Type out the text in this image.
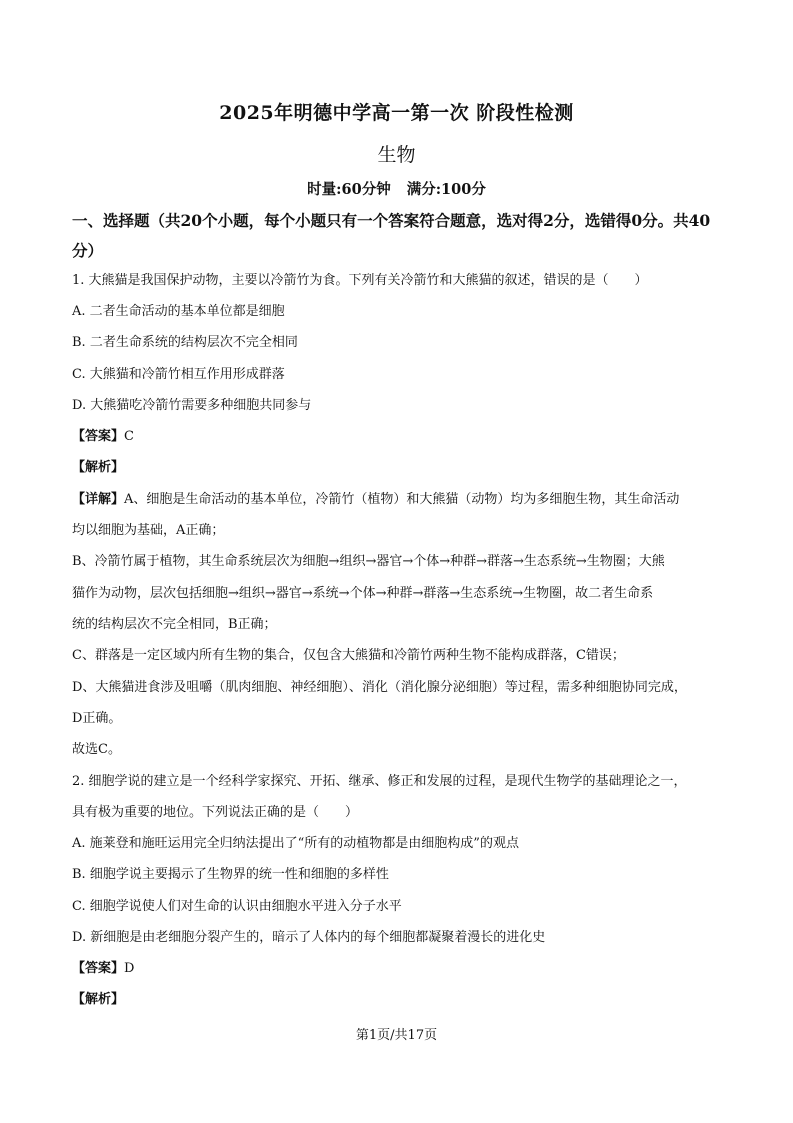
2025年明德中学高一第一次 阶段性检测
生物
时量:60分钟 满分:100分
一、选择题（共20个小题，每个小题只有一个答案符合题意，选对得2分，选错得0分。共40分）
1. 大熊猫是我国保护动物，主要以冷箭竹为食。下列有关冷箭竹和大熊猫的叙述，错误的是（　　）
A. 二者生命活动的基本单位都是细胞
B. 二者生命系统的结构层次不完全相同
C. 大熊猫和冷箭竹相互作用形成群落
D. 大熊猫吃冷箭竹需要多种细胞共同参与
【答案】C
【解析】
【详解】A、细胞是生命活动的基本单位，冷箭竹（植物）和大熊猫（动物）均为多细胞生物，其生命活动
均以细胞为基础，A正确；
B、冷箭竹属于植物，其生命系统层次为细胞→组织→器官→个体→种群→群落→生态系统→生物圈；大熊
猫作为动物，层次包括细胞→组织→器官→系统→个体→种群→群落→生态系统→生物圈，故二者生命系
统的结构层次不完全相同，B正确；
C、群落是一定区域内所有生物的集合，仅包含大熊猫和冷箭竹两种生物不能构成群落，C错误；
D、大熊猫进食涉及咀嚼（肌肉细胞、神经细胞）、消化（消化腺分泌细胞）等过程，需多种细胞协同完成，
D正确。
故选C。
2. 细胞学说的建立是一个经科学家探究、开拓、继承、修正和发展的过程，是现代生物学的基础理论之一，
具有极为重要的地位。下列说法正确的是（　　）
A. 施莱登和施旺运用完全归纳法提出了“所有的动植物都是由细胞构成”的观点
B. 细胞学说主要揭示了生物界的统一性和细胞的多样性
C. 细胞学说使人们对生命的认识由细胞水平进入分子水平
D. 新细胞是由老细胞分裂产生的，暗示了人体内的每个细胞都凝聚着漫长的进化史
【答案】D
【解析】
第1页/共17页
